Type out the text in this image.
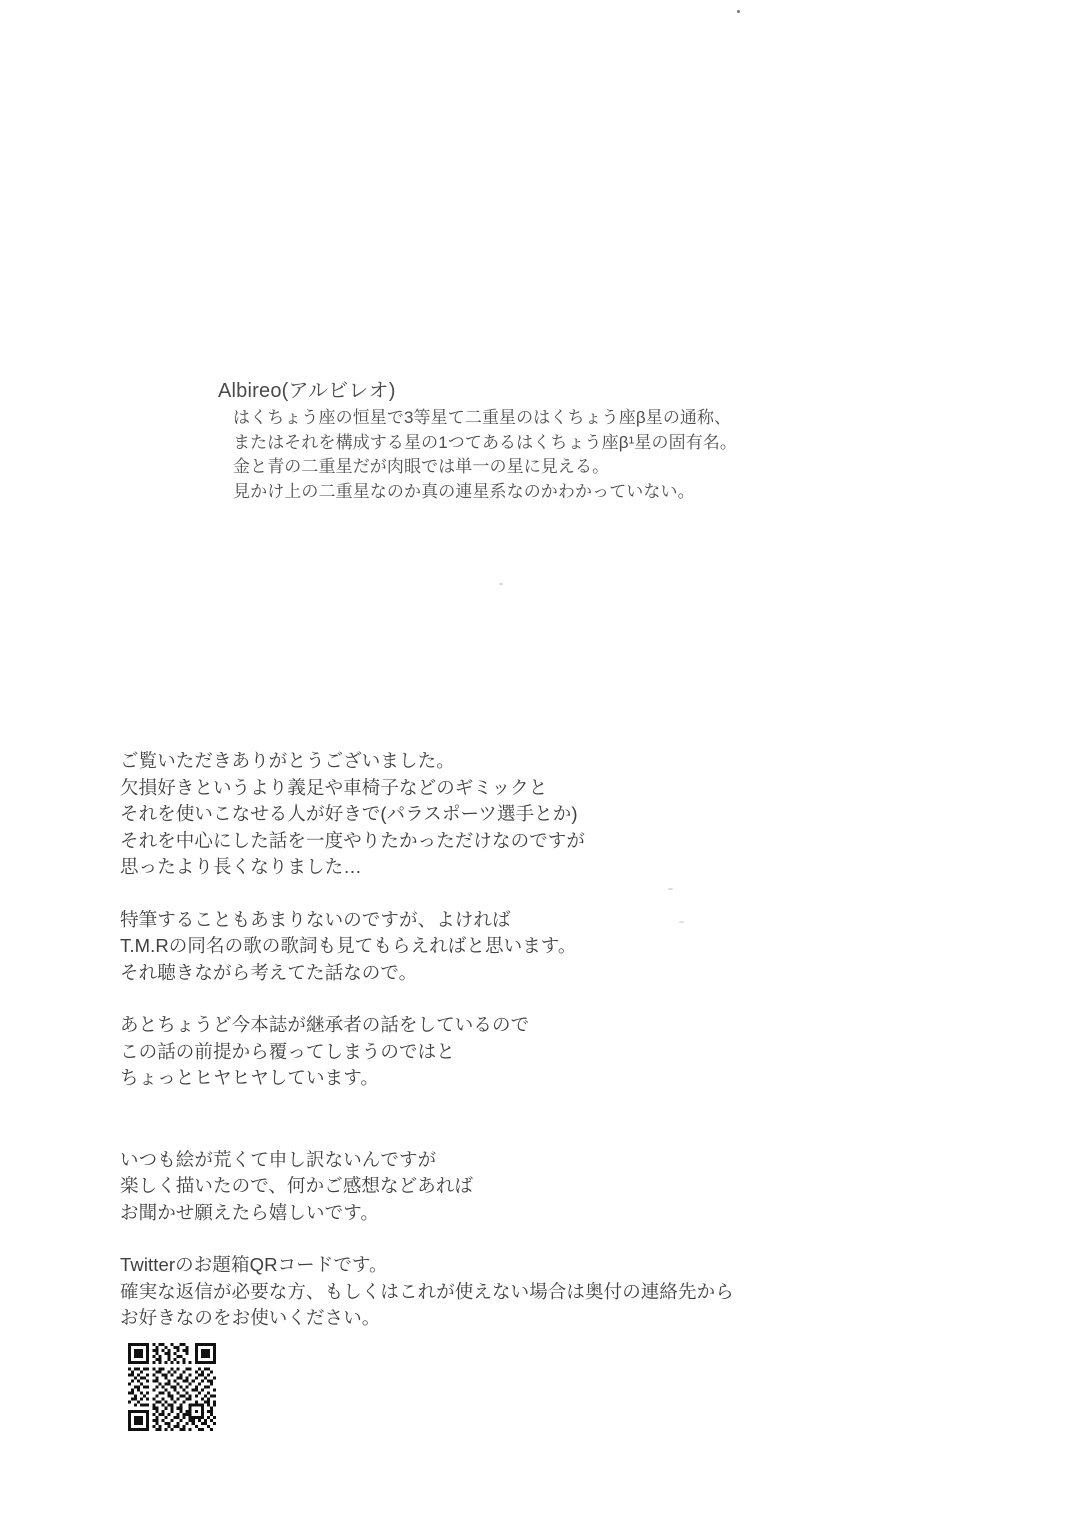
Albireo(アルビレオ)
はくちょう座の恒星で3等星て二重星のはくちょう座β星の通称、
またはそれを構成する星の1つてあるはくちょう座β¹星の固有名。
金と青の二重星だが肉眼では単一の星に見える。
見かけ上の二重星なのか真の連星系なのかわかっていない。

ご覧いただきありがとうございました。
欠損好きというより義足や車椅子などのギミックと
それを使いこなせる人が好きで(パラスポーツ選手とか)
それを中心にした話を一度やりたかっただけなのですが
思ったより長くなりました…

特筆することもあまりないのですが、よければ
T.M.Rの同名の歌の歌詞も見てもらえればと思います。
それ聴きながら考えてた話なので。

あとちょうど今本誌が継承者の話をしているので
この話の前提から覆ってしまうのではと
ちょっとヒヤヒヤしています。

いつも絵が荒くて申し訳ないんですが
楽しく描いたので、何かご感想などあれば
お聞かせ願えたら嬉しいです。

Twitterのお題箱QRコードです。
確実な返信が必要な方、もしくはこれが使えない場合は奥付の連絡先から
お好きなのをお使いください。
